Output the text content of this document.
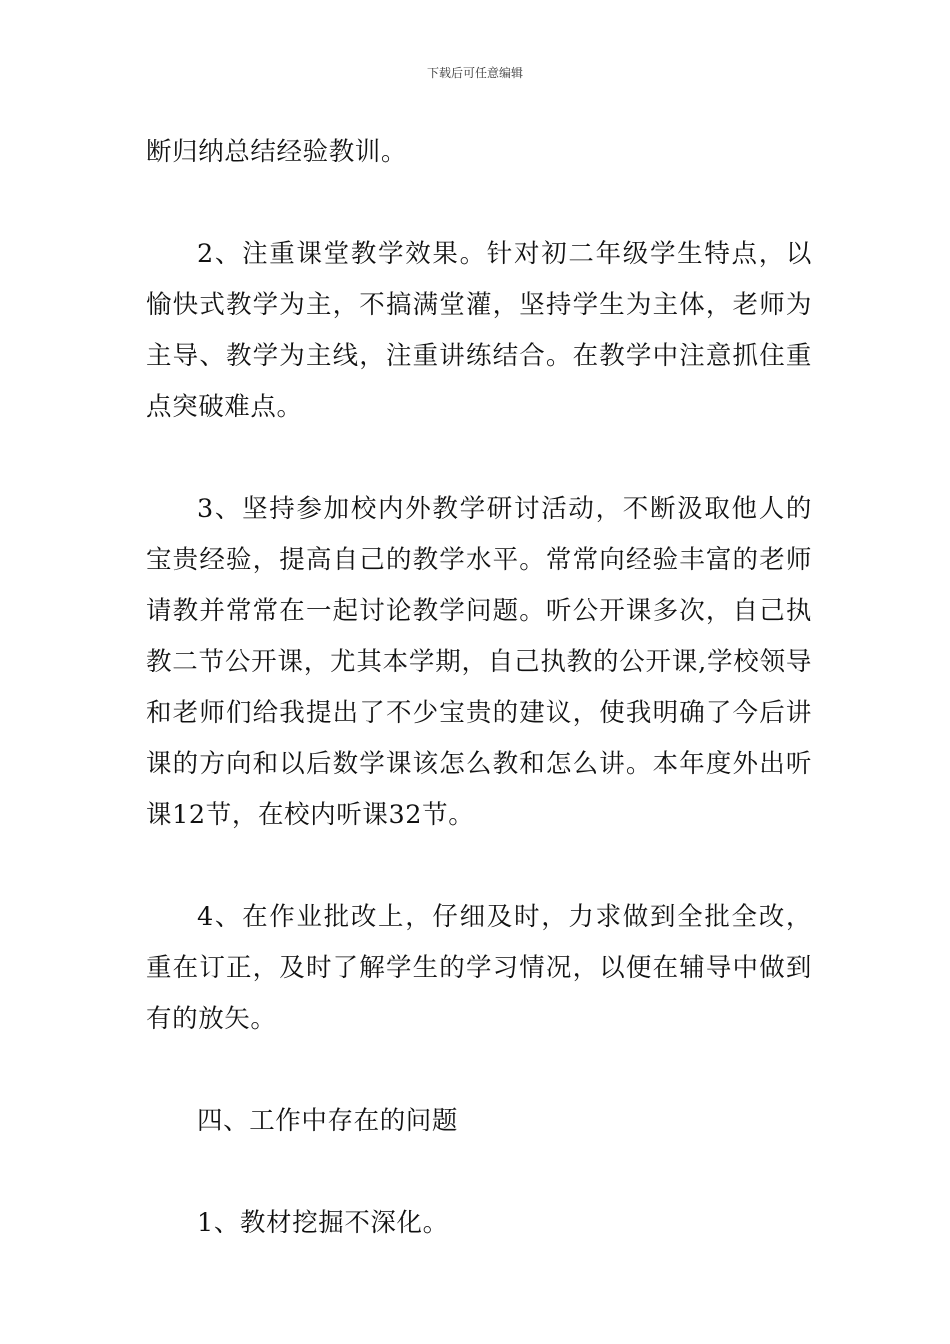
下载后可任意编辑

断归纳总结经验教训。

2、注重课堂教学效果。针对初二年级学生特点，以愉快式教学为主，不搞满堂灌，坚持学生为主体，老师为主导、教学为主线，注重讲练结合。在教学中注意抓住重点突破难点。

3、坚持参加校内外教学研讨活动，不断汲取他人的宝贵经验，提高自己的教学水平。常常向经验丰富的老师请教并常常在一起讨论教学问题。听公开课多次，自己执教二节公开课，尤其本学期，自己执教的公开课,学校领导和老师们给我提出了不少宝贵的建议，使我明确了今后讲课的方向和以后数学课该怎么教和怎么讲。本年度外出听课12节，在校内听课32节。

4、在作业批改上，仔细及时，力求做到全批全改，重在订正，及时了解学生的学习情况，以便在辅导中做到有的放矢。

四、工作中存在的问题

1、教材挖掘不深化。
